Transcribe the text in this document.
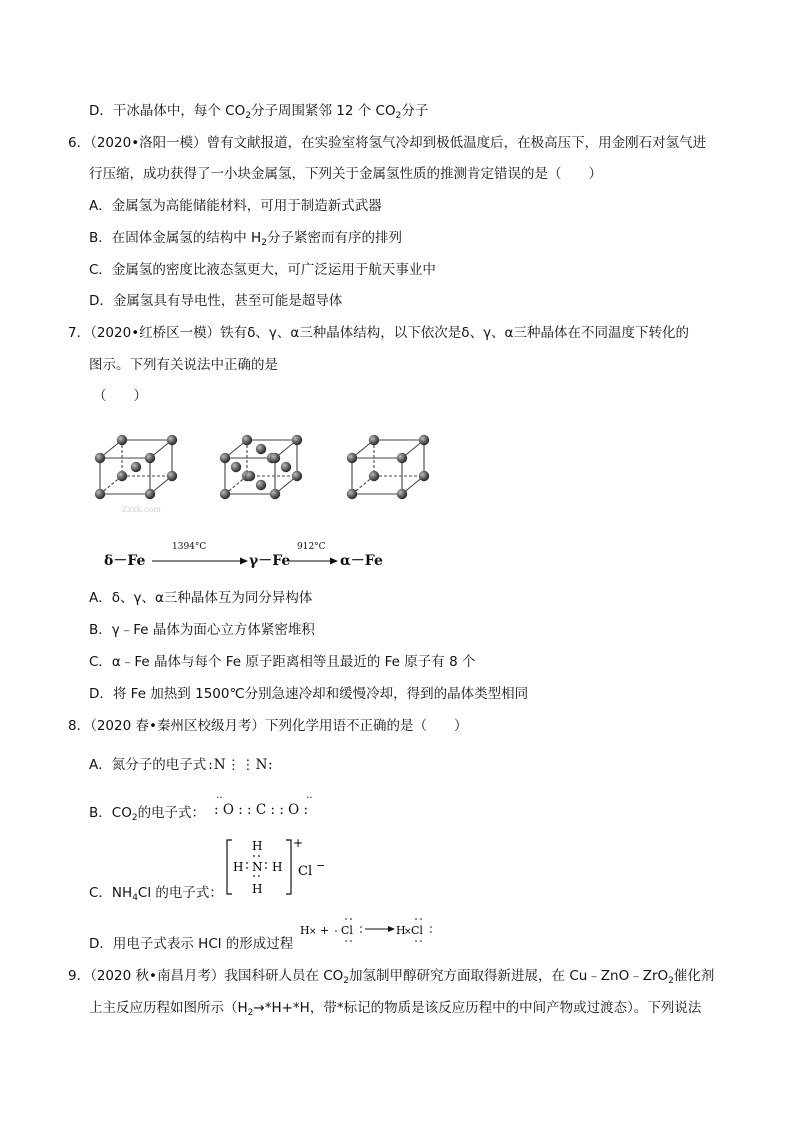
D．干冰晶体中，每个 $CO_2$分子周围紧邻 12 个 $CO_2$分子
6．（2020•洛阳一模）曾有文献报道，在实验室将氢气冷却到极低温度后，在极高压下，用金刚石对氢气进
行压缩，成功获得了一小块金属氢，下列关于金属氢性质的推测肯定错误的是（　　）
A．金属氢为高能储能材料，可用于制造新式武器
B．在固体金属氢的结构中 $H_2$分子紧密而有序的排列
C．金属氢的密度比液态氢更大，可广泛运用于航天事业中
D．金属氢具有导电性，甚至可能是超导体
7．（2020•红桥区一模）铁有δ、γ、α三种晶体结构，以下依次是δ、γ、α三种晶体在不同温度下转化的
图示。下列有关说法中正确的是
（　　）
Zxxk.com
δ－Fe
1394°C
γ－Fe
912°C
α－Fe
A．δ、γ、α三种晶体互为同分异构体
B．γ﹣Fe 晶体为面心立方体紧密堆积
C．α﹣Fe 晶体与每个 Fe 原子距离相等且最近的 Fe 原子有 8 个
D．将 Fe 加热到 1500℃分别急速冷却和缓慢冷却，得到的晶体类型相同
8．（2020 春•秦州区校级月考）下列化学用语不正确的是（　　）
A．氮分子的电子式 :N⋮⋮N:
B．$CO_2$的电子式：
‥	‥
: O : : C : : O :
C．$NH_4Cl$ 的电子式：
H
H N H
H
+
Cl −
D．用电子式表示 HCl 的形成过程
H × + Cl	H
× Cl
9．（2020 秋•南昌月考）我国科研人员在 $CO_2$加氢制甲醇研究方面取得新进展，在 Cu﹣ZnO﹣ZrO$_2$催化剂
上主反应历程如图所示（$H_2\to*H+*H$，带*标记的物质是该反应历程中的中间产物或过渡态）。下列说法
